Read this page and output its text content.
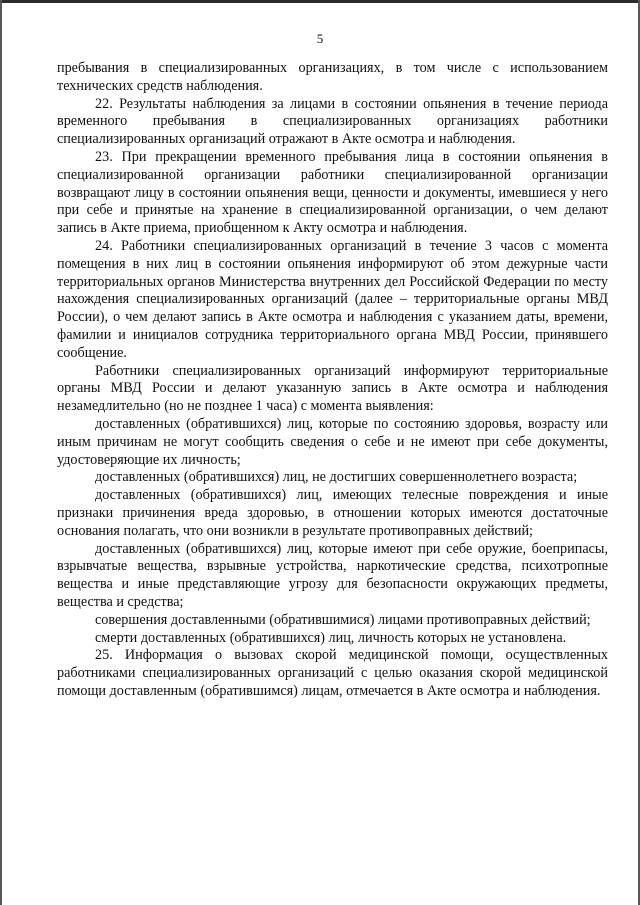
5

пребывания в специализированных организациях, в том числе с использованием технических средств наблюдения.

22. Результаты наблюдения за лицами в состоянии опьянения в течение периода временного пребывания в специализированных организациях работники специализированных организаций отражают в Акте осмотра и наблюдения.

23. При прекращении временного пребывания лица в состоянии опьянения в специализированной организации работники специализированной организации возвращают лицу в состоянии опьянения вещи, ценности и документы, имевшиеся у него при себе и принятые на хранение в специализированной организации, о чем делают запись в Акте приема, приобщенном к Акту осмотра и наблюдения.

24. Работники специализированных организаций в течение 3 часов с момента помещения в них лиц в состоянии опьянения информируют об этом дежурные части территориальных органов Министерства внутренних дел Российской Федерации по месту нахождения специализированных организаций (далее – территориальные органы МВД России), о чем делают запись в Акте осмотра и наблюдения с указанием даты, времени, фамилии и инициалов сотрудника территориального органа МВД России, принявшего сообщение.

Работники специализированных организаций информируют территориальные органы МВД России и делают указанную запись в Акте осмотра и наблюдения незамедлительно (но не позднее 1 часа) с момента выявления:

доставленных (обратившихся) лиц, которые по состоянию здоровья, возрасту или иным причинам не могут сообщить сведения о себе и не имеют при себе документы, удостоверяющие их личность;

доставленных (обратившихся) лиц, не достигших совершеннолетнего возраста;

доставленных (обратившихся) лиц, имеющих телесные повреждения и иные признаки причинения вреда здоровью, в отношении которых имеются достаточные основания полагать, что они возникли в результате противоправных действий;

доставленных (обратившихся) лиц, которые имеют при себе оружие, боеприпасы, взрывчатые вещества, взрывные устройства, наркотические средства, психотропные вещества и иные представляющие угрозу для безопасности окружающих предметы, вещества и средства;

совершения доставленными (обратившимися) лицами противоправных действий;

смерти доставленных (обратившихся) лиц, личность которых не установлена.

25. Информация о вызовах скорой медицинской помощи, осуществленных работниками специализированных организаций с целью оказания скорой медицинской помощи доставленным (обратившимся) лицам, отмечается в Акте осмотра и наблюдения.
